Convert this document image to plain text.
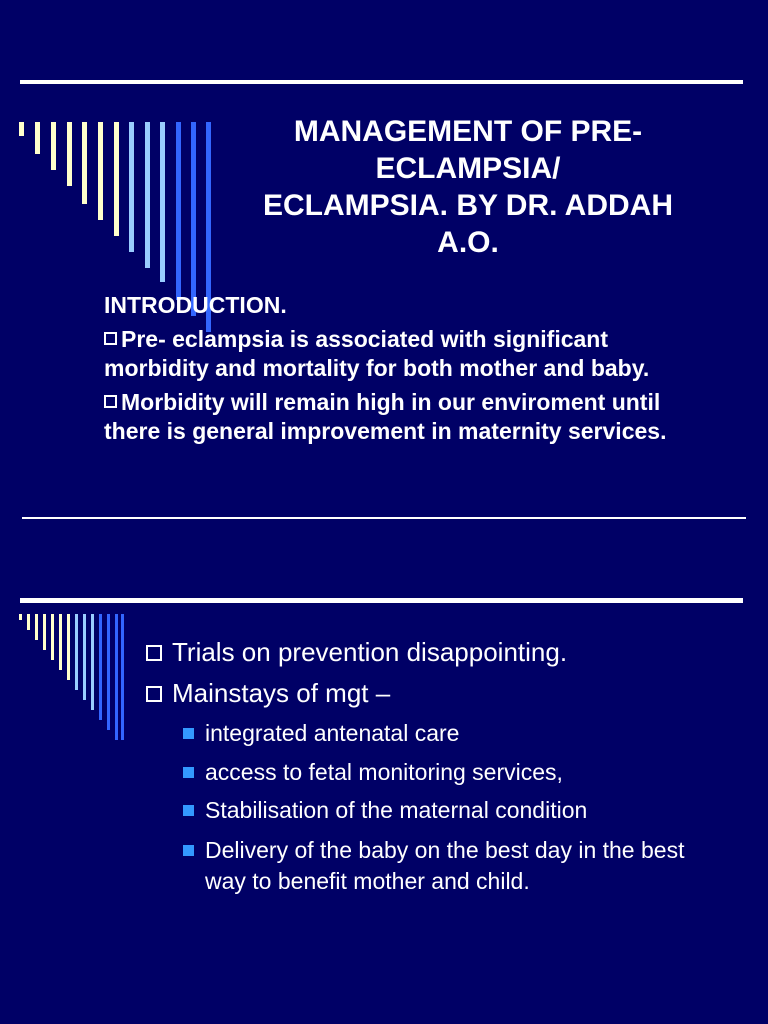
MANAGEMENT OF PRE-
ECLAMPSIA/
ECLAMPSIA. BY DR. ADDAH
A.O.

INTRODUCTION.

Pre- eclampsia is associated with significant morbidity and mortality for both mother and baby.

Morbidity will remain high in our enviroment until there is general improvement in maternity services.

Trials on prevention disappointing.
Mainstays of mgt –
integrated antenatal care
access to fetal monitoring services,
Stabilisation of the maternal condition
Delivery of the baby on the best day in the best way to benefit mother and child.
